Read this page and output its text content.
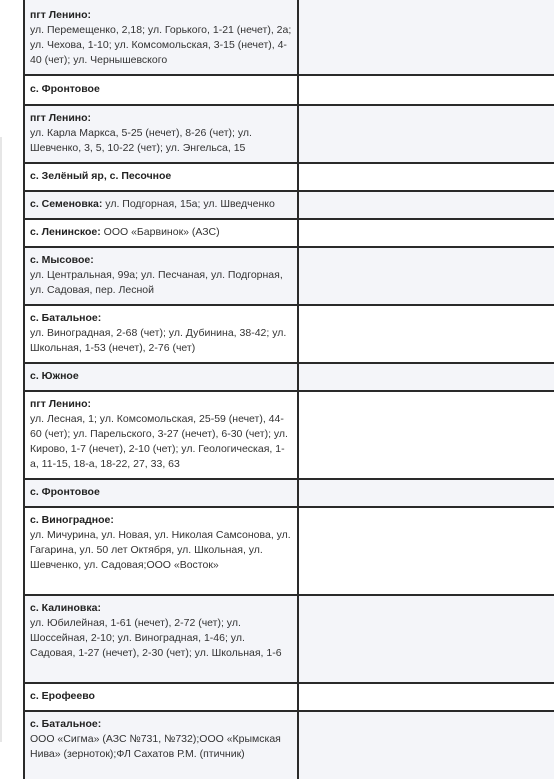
пгт Ленино:
ул. Перемещенко, 2,18; ул. Горького, 1-21 (нечет), 2а; ул. Чехова, 1-10; ул. Комсомольская, 3-15 (нечет), 4-40 (чет); ул. Чернышевского	
с. Фронтовое	
пгт Ленино:
ул. Карла Маркса, 5-25 (нечет), 8-26 (чет); ул. Шевченко, 3, 5, 10-22 (чет); ул. Энгельса, 15	
с. Зелёный яр, с. Песочное	
с. Семеновка: ул. Подгорная, 15а; ул. Шведченко	
с. Ленинское: ООО «Барвинок» (АЗС)	
с. Мысовое:
ул. Центральная, 99а; ул. Песчаная, ул. Подгорная, ул. Садовая, пер. Лесной	
с. Батальное:
ул. Виноградная, 2-68 (чет); ул. Дубинина, 38-42; ул. Школьная, 1-53 (нечет), 2-76 (чет)	
с. Южное	
пгт Ленино:
ул. Лесная, 1; ул. Комсомольская, 25-59 (нечет), 44-60 (чет); ул. Парельского, 3-27 (нечет), 6-30 (чет); ул. Кирово, 1-7 (нечет), 2-10 (чет); ул. Геологическая, 1-а, 11-15, 18-а, 18-22, 27, 33, 63	
с. Фронтовое	
с. Виноградное:
ул. Мичурина, ул. Новая, ул. Николая Самсонова, ул. Гагарина, ул. 50 лет Октября, ул. Школьная, ул. Шевченко, ул. Садовая;ООО «Восток»	
с. Калиновка:
ул. Юбилейная, 1-61 (нечет), 2-72 (чет); ул. Шоссейная, 2-10; ул. Виноградная, 1-46; ул. Садовая, 1-27 (нечет), 2-30 (чет); ул. Школьная, 1-6	
с. Ерофеево	
с. Батальное:
ООО «Сигма» (АЗС №731, №732);ООО «Крымская Нива» (зерноток);ФЛ Сахатов Р.М. (птичник)	
